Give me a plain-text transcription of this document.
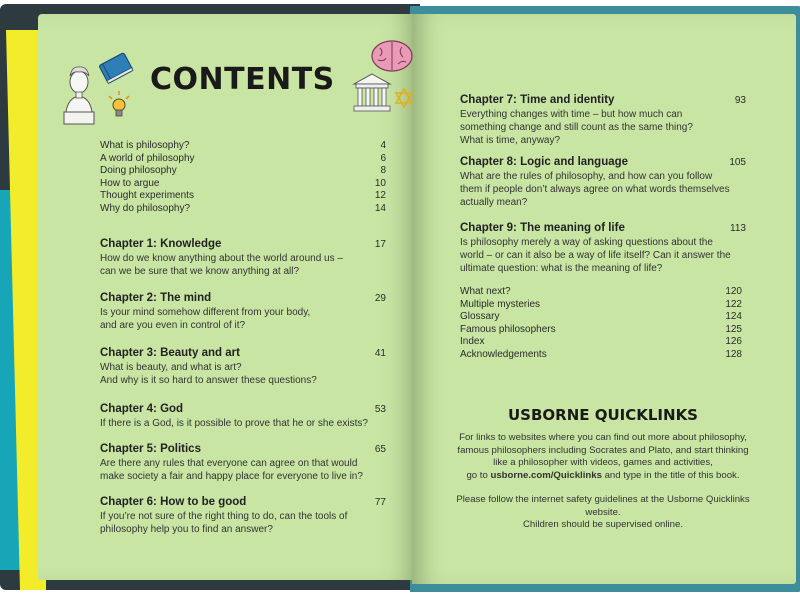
CONTENTS
What is philosophy?	4
A world of philosophy	6
Doing philosophy	8
How to argue	10
Thought experiments	12
Why do philosophy?	14
Chapter 1: Knowledge	17
How do we know anything about the world around us –
can we be sure that we know anything at all?
Chapter 2: The mind	29
Is your mind somehow different from your body,
and are you even in control of it?
Chapter 3: Beauty and art	41
What is beauty, and what is art?
And why is it so hard to answer these questions?
Chapter 4: God	53
If there is a God, is it possible to prove that he or she exists?
Chapter 5: Politics	65
Are there any rules that everyone can agree on that would
make society a fair and happy place for everyone to live in?
Chapter 6: How to be good	77
If you’re not sure of the right thing to do, can the tools of
philosophy help you to find an answer?
Chapter 7: Time and identity	93
Everything changes with time – but how much can
something change and still count as the same thing?
What is time, anyway?
Chapter 8: Logic and language	105
What are the rules of philosophy, and how can you follow
them if people don’t always agree on what words themselves
actually mean?
Chapter 9: The meaning of life	113
Is philosophy merely a way of asking questions about the
world – or can it also be a way of life itself? Can it answer the
ultimate question: what is the meaning of life?
What next?	120
Multiple mysteries	122
Glossary	124
Famous philosophers	125
Index	126
Acknowledgements	128
USBORNE QUICKLINKS
For links to websites where you can find out more about philosophy,
famous philosophers including Socrates and Plato, and start thinking
like a philosopher with videos, games and activities,
go to usborne.com/Quicklinks and type in the title of this book.
Please follow the internet safety guidelines at the Usborne Quicklinks website.
Children should be supervised online.
